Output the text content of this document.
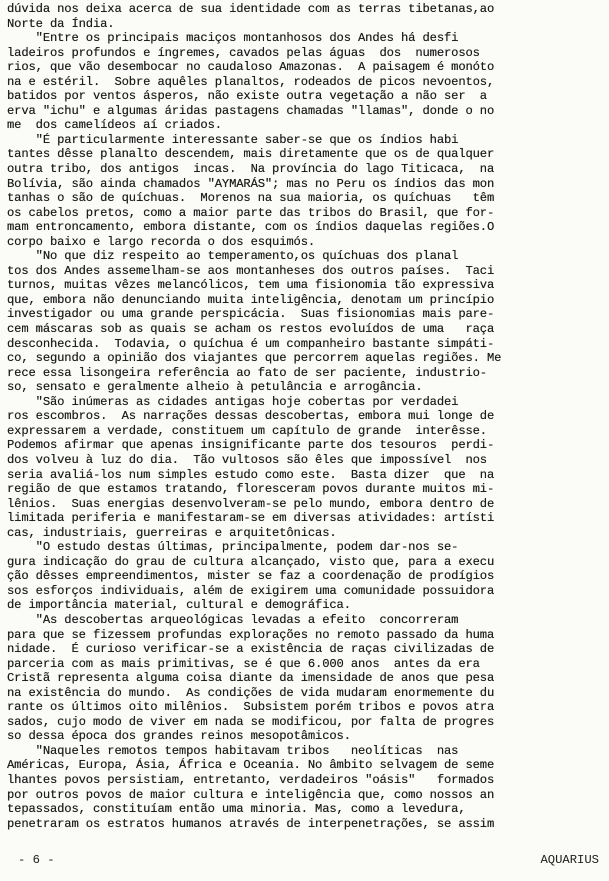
dúvida nos deixa acerca de sua identidade com as terras tibetanas,ao
Norte da Índia.
"Entre os principais maciços montanhosos dos Andes há desfi
ladeiros profundos e íngremes, cavados pelas águas  dos  numerosos
rios, que vão desembocar no caudaloso Amazonas.  A paisagem é monóto
na e estéril.  Sobre aquêles planaltos, rodeados de picos nevoentos,
batidos por ventos ásperos, não existe outra vegetação a não ser  a
erva "ichu" e algumas áridas pastagens chamadas "llamas", donde o no
me  dos camelídeos aí criados.
"É particularmente interessante saber-se que os índios habi
tantes dêsse planalto descendem, mais diretamente que os de qualquer
outra tribo, dos antigos  incas.  Na província do lago Titicaca,  na
Bolívia, são ainda chamados "AYMARÁS"; mas no Peru os índios das mon
tanhas o são de quíchuas.  Morenos na sua maioria, os quíchuas   têm
os cabelos pretos, como a maior parte das tribos do Brasil, que for-
mam entroncamento, embora distante, com os índios daquelas regiões.O
corpo baixo e largo recorda o dos esquimós.
"No que diz respeito ao temperamento,os quíchuas dos planal
tos dos Andes assemelham-se aos montanheses dos outros países.  Taci
turnos, muitas vêzes melancólicos, tem uma fisionomia tão expressiva
que, embora não denunciando muita inteligência, denotam um princípio
investigador ou uma grande perspicácia.  Suas fisionomias mais pare-
cem máscaras sob as quais se acham os restos evoluídos de uma   raça
desconhecida.  Todavia, o quíchua é um companheiro bastante simpáti-
co, segundo a opinião dos viajantes que percorrem aquelas regiões. Me
rece essa lisongeira referência ao fato de ser paciente, industrio-
so, sensato e geralmente alheio à petulância e arrogância.
"São inúmeras as cidades antigas hoje cobertas por verdadei
ros escombros.  As narrações dessas descobertas, embora mui longe de
expressarem a verdade, constituem um capítulo de grande  interêsse.
Podemos afirmar que apenas insignificante parte dos tesouros  perdi-
dos volveu à luz do dia.  Tão vultosos são êles que impossível  nos
seria avaliá-los num simples estudo como este.  Basta dizer  que  na
região de que estamos tratando, floresceram povos durante muitos mi-
lênios.  Suas energias desenvolveram-se pelo mundo, embora dentro de
limitada periferia e manifestaram-se em diversas atividades: artísti
cas, industriais, guerreiras e arquitetônicas.
"O estudo destas últimas, principalmente, podem dar-nos se-
gura indicação do grau de cultura alcançado, visto que, para a execu
ção dêsses empreendimentos, mister se faz a coordenação de prodígios
sos esforços individuais, além de exigirem uma comunidade possuidora
de importância material, cultural e demográfica.
"As descobertas arqueológicas levadas a efeito  concorreram
para que se fizessem profundas explorações no remoto passado da huma
nidade.  É curioso verificar-se a existência de raças civilizadas de
parceria com as mais primitivas, se é que 6.000 anos  antes da era
Cristã representa alguma coisa diante da imensidade de anos que pesa
na existência do mundo.  As condições de vida mudaram enormemente du
rante os últimos oito milênios.  Subsistem porém tribos e povos atra
sados, cujo modo de viver em nada se modificou, por falta de progres
so dessa época dos grandes reinos mesopotâmicos.
"Naqueles remotos tempos habitavam tribos   neolíticas  nas
Américas, Europa, Ásia, África e Oceania. No âmbito selvagem de seme
lhantes povos persistiam, entretanto, verdadeiros "oásis"   formados
por outros povos de maior cultura e inteligência que, como nossos an
tepassados, constituíam então uma minoria. Mas, como a levedura,
penetraram os estratos humanos através de interpenetrações, se assim
- 6 -	AQUARIUS
